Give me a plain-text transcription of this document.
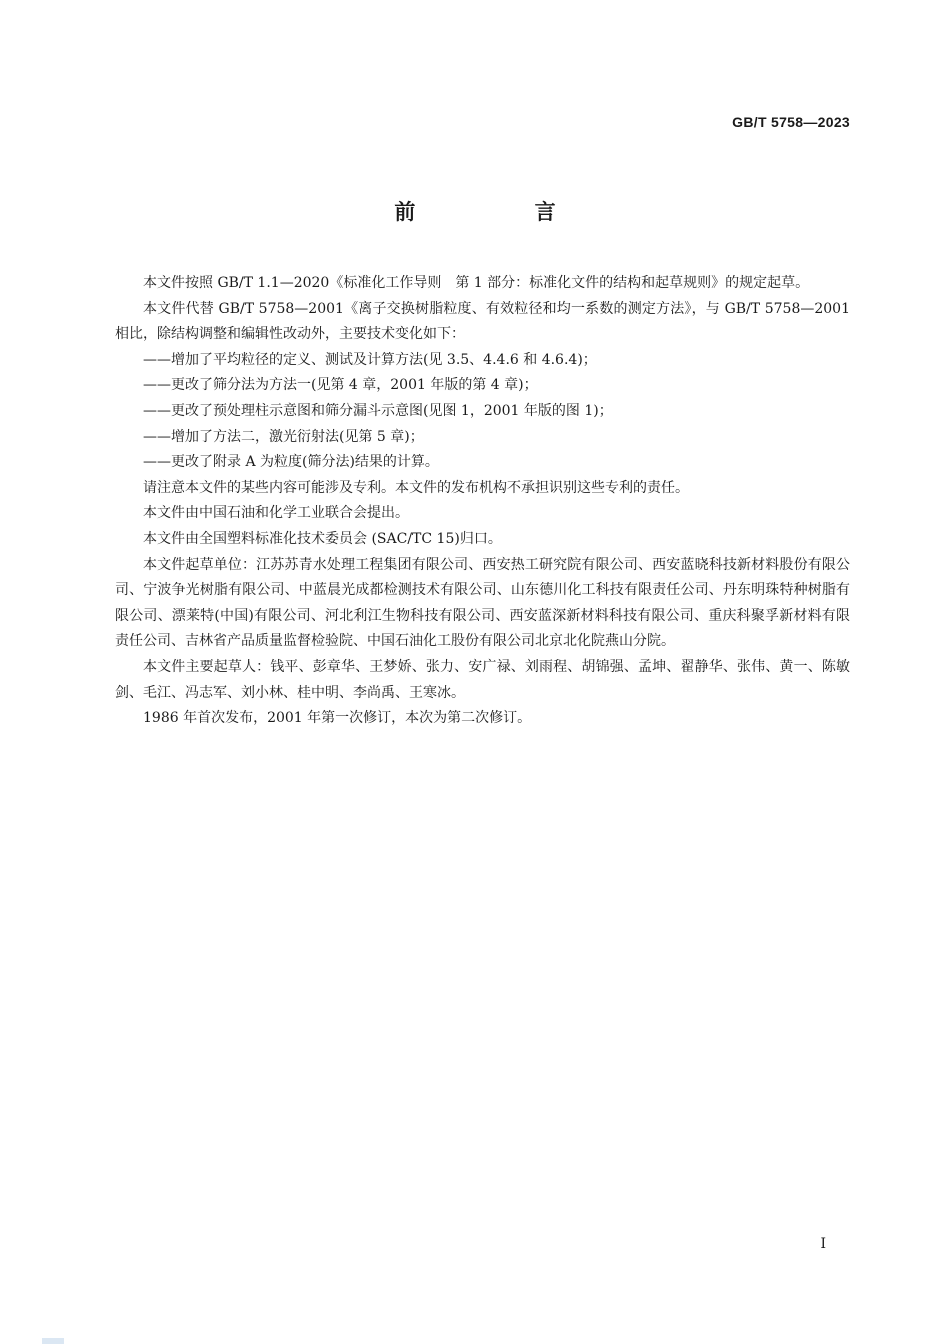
GB/T 5758—2023
前 言

本文件按照 GB/T 1.1—2020《标准化工作导则　第 1 部分：标准化文件的结构和起草规则》的规定起草。

本文件代替 GB/T 5758—2001《离子交换树脂粒度、有效粒径和均一系数的测定方法》，与 GB/T 5758—2001 相比，除结构调整和编辑性改动外，主要技术变化如下：

——增加了平均粒径的定义、测试及计算方法(见 3.5、4.4.6 和 4.6.4)；

——更改了筛分法为方法一(见第 4 章，2001 年版的第 4 章)；

——更改了预处理柱示意图和筛分漏斗示意图(见图 1，2001 年版的图 1)；

——增加了方法二，激光衍射法(见第 5 章)；

——更改了附录 A 为粒度(筛分法)结果的计算。

请注意本文件的某些内容可能涉及专利。本文件的发布机构不承担识别这些专利的责任。

本文件由中国石油和化学工业联合会提出。

本文件由全国塑料标准化技术委员会 (SAC/TC 15)归口。

本文件起草单位：江苏苏青水处理工程集团有限公司、西安热工研究院有限公司、西安蓝晓科技新材料股份有限公司、宁波争光树脂有限公司、中蓝晨光成都检测技术有限公司、山东德川化工科技有限责任公司、丹东明珠特种树脂有限公司、漂莱特(中国)有限公司、河北利江生物科技有限公司、西安蓝深新材料科技有限公司、重庆科聚孚新材料有限责任公司、吉林省产品质量监督检验院、中国石油化工股份有限公司北京北化院燕山分院。

本文件主要起草人：钱平、彭章华、王梦娇、张力、安广禄、刘雨程、胡锦强、孟坤、翟静华、张伟、黄一、陈敏剑、毛江、冯志军、刘小林、桂中明、李尚禹、王寒冰。

1986 年首次发布，2001 年第一次修订，本次为第二次修订。

I
